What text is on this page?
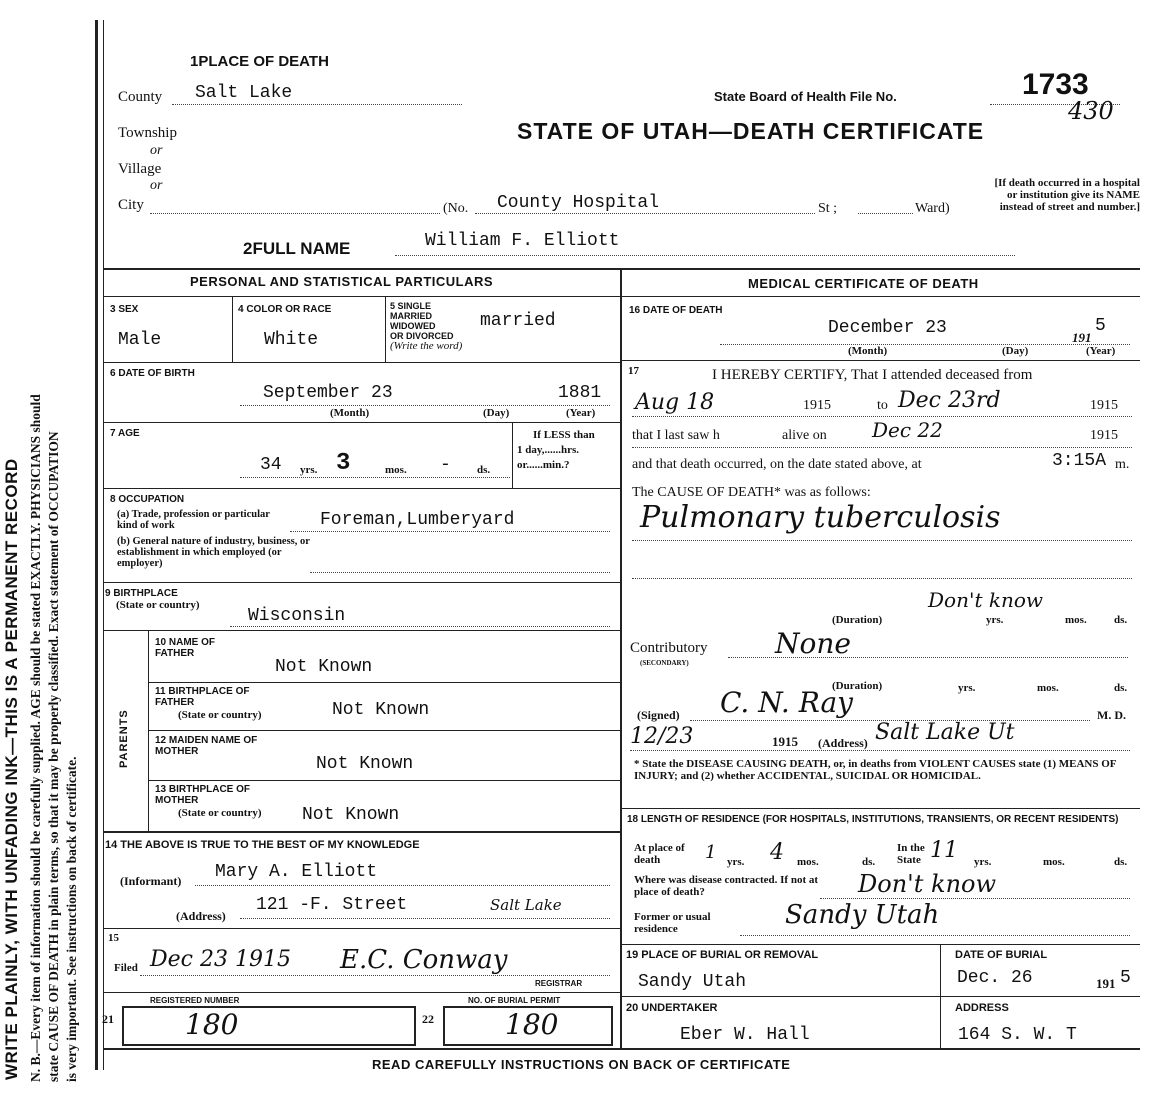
WRITE PLAINLY, WITH UNFADING INK—THIS IS A PERMANENT RECORD N. B.—Every item of information should be carefully supplied. AGE should be stated EXACTLY. PHYSICIANS should state CAUSE OF DEATH in plain terms, so that it may be properly classified. Exact statement of OCCUPATION is very important. See instructions on back of certificate.
1PLACE OF DEATH
County Salt Lake
Township
or
Village
or
City	(No. County Hospital	St ;	Ward)
State Board of Health File No.	1733
430
STATE OF UTAH—DEATH CERTIFICATE
[If death occurred in a hospital or institution give its NAME instead of street and number.]
2FULL NAME	William F. Elliott
PERSONAL AND STATISTICAL PARTICULARS
3 SEX
Male
4 COLOR OR RACE
White
5 SINGLE
MARRIED
WIDOWED
OR DIVORCED
(Write the word)
married
6 DATE OF BIRTH
September 23	1881
(Month)	(Day)	(Year)
7 AGE
34 yrs. 3	mos. - ds.
If LESS than
1 day,......hrs.
or......min.?
8 OCCUPATION
(a) Trade, profession or particular kind of work
(b) General nature of industry, business, or establishment in which employed (or employer)
Foreman,Lumberyard
9 BIRTHPLACE
(State or country)
Wisconsin
PARENTS
10 NAME OF FATHER
Not Known
11 BIRTHPLACE OF FATHER
(State or country)	Not Known
12 MAIDEN NAME OF MOTHER
Not Known
13 BIRTHPLACE OF MOTHER
(State or country) Not Known
14 THE ABOVE IS TRUE TO THE BEST OF MY KNOWLEDGE
(Informant) Mary A. Elliott
(Address)
121 -F. Street	Salt Lake
15
Filed Dec 23 1915 E.C. Conway
REGISTRAR
REGISTERED NUMBER	NO. OF BURIAL PERMIT
21	180	22	180
MEDICAL CERTIFICATE OF DEATH
16 DATE OF DEATH
December 23	191
5
(Month)	(Day)	(Year)
17	I HEREBY CERTIFY, That I attended deceased from
Aug 18	1915	to Dec 23rd	1915
that I last saw h	alive on Dec 22	1915
and that death occurred, on the date stated above, at	3:15A m.
The CAUSE OF DEATH* was as follows:
Pulmonary tuberculosis
Don't know
(Duration)	yrs.	mos. ds.
Contributory
(SECONDARY)
None
(Duration)	yrs.	mos.	ds.
(Signed) C. N. Ray	M. D.
12/23	1915 (Address) Salt Lake Ut
* State the DISEASE CAUSING DEATH, or, in deaths from VIOLENT CAUSES state (1) MEANS OF INJURY; and (2) whether ACCIDENTAL, SUICIDAL OR HOMICIDAL.
18 LENGTH OF RESIDENCE (FOR HOSPITALS, INSTITUTIONS, TRANSIENTS, OR RECENT RESIDENTS)
At place of death	1 yrs. 4 mos.	ds.
In the State 11 yrs.	mos.	ds.
Where was disease contracted. If not at place of death?	Don't know
Former or usual residence	Sandy Utah
19 PLACE OF BURIAL OR REMOVAL
Sandy Utah
DATE OF BURIAL
Dec. 26	191 5
20 UNDERTAKER
Eber W. Hall
ADDRESS
164 S. W. T
READ CAREFULLY INSTRUCTIONS ON BACK OF CERTIFICATE
